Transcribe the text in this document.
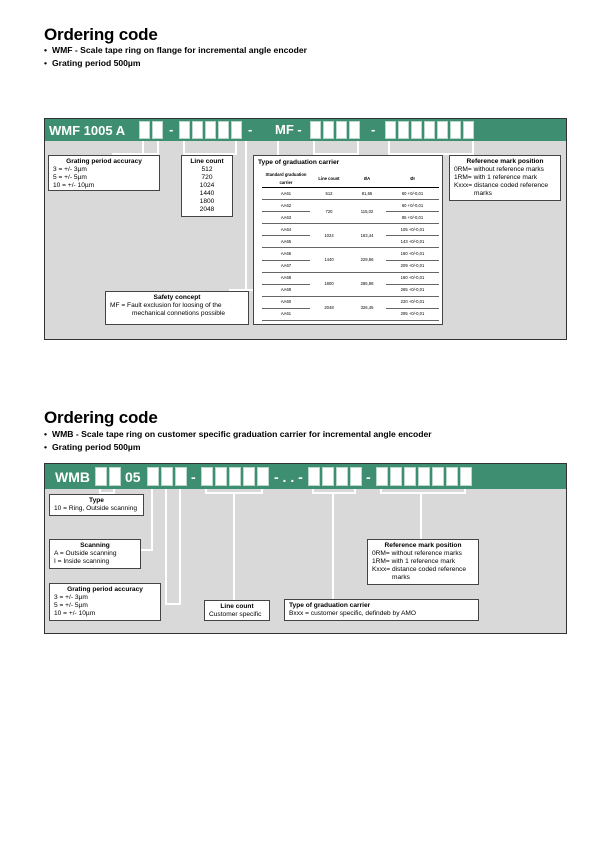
Ordering code
• WMF - Scale tape ring on flange for incremental angle encoder
• Grating period 500µm
WMF 1005 A	-	- MF -	-
Grating period accuracy
3 = +/- 3µm
5 = +/- 5µm
10 = +/- 10µm
Line count
512
720
1024
1440
1800
2048
Type of graduation carrier
Standard graduation carrier	Line count	ØA	ØI
AA61	512	81,65	60 +0/-0,01
AA62	720	115,02	60 +0/-0,01
AA63			85 +0/-0,01
AA64	1024	163,44	105 +0/-0,01
AA65			143 +0/-0,01
AA66	1440	229,66	180 +0/-0,01
AA67			209 +0/-0,01
AA68	1800	286,98	180 +0/-0,01
AA69			265 +0/-0,01
AA60	2048	326,45	220 +0/-0,01
AA61			295 +0/-0,01
Reference mark position
0RM= without reference marks
1RM= with 1 reference mark
Kxxx= distance coded reference marks
Safety concept
MF = Fault exclusion for loosing of the mechanical connetions possible
Ordering code
• WMB - Scale tape ring on customer specific graduation carrier for incremental angle encoder
• Grating period 500µm
WMB	05	-	- . . -	-
Type
10 = Ring, Outside scanning
Scanning
A = Outside scanning
I = Inside scanning
Grating period accuracy
3 = +/- 3µm
5 = +/- 5µm
10 = +/- 10µm
Line count
Customer specific
Type of graduation carrier
Bxxx = customer specific, defindeb by AMO
Reference mark position
0RM= without reference marks
1RM= with 1 reference mark
Kxxx= distance coded reference marks
